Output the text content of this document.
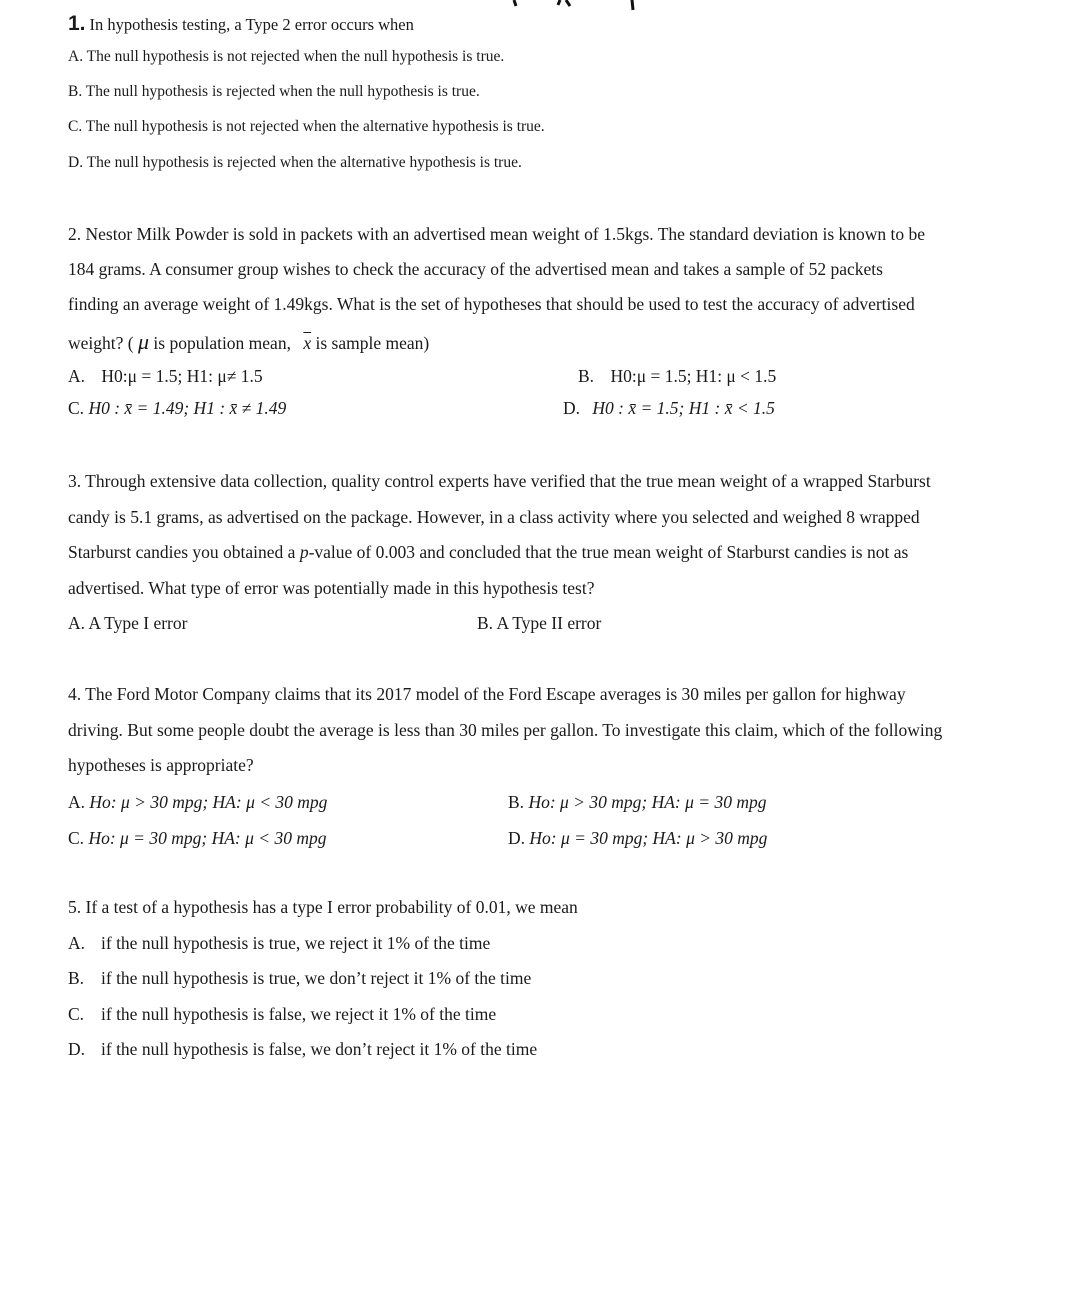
1. In hypothesis testing, a Type 2 error occurs when
A. The null hypothesis is not rejected when the null hypothesis is true.
B. The null hypothesis is rejected when the null hypothesis is true.
C. The null hypothesis is not rejected when the alternative hypothesis is true.
D. The null hypothesis is rejected when the alternative hypothesis is true.
2. Nestor Milk Powder is sold in packets with an advertised mean weight of 1.5kgs. The standard deviation is known to be
184 grams. A consumer group wishes to check the accuracy of the advertised mean and takes a sample of 52 packets
finding an average weight of 1.49kgs. What is the set of hypotheses that should be used to test the accuracy of advertised
weight? ( μ is population mean, $\overline{x}$ is sample mean)
A. H0:μ = 1.5; H1: μ≠ 1.5	B. H0:μ = 1.5; H1: μ < 1.5
C. H0 : x̄ = 1.49; H1 : x̄ ≠ 1.49	D. H0 : x̄ = 1.5; H1 : x̄ < 1.5
3. Through extensive data collection, quality control experts have verified that the true mean weight of a wrapped Starburst
candy is 5.1 grams, as advertised on the package. However, in a class activity where you selected and weighed 8 wrapped
Starburst candies you obtained a p-value of 0.003 and concluded that the true mean weight of Starburst candies is not as
advertised. What type of error was potentially made in this hypothesis test?
A. A Type I error	B. A Type II error
4. The Ford Motor Company claims that its 2017 model of the Ford Escape averages is 30 miles per gallon for highway
driving. But some people doubt the average is less than 30 miles per gallon. To investigate this claim, which of the following
hypotheses is appropriate?
A. Ho: μ > 30 mpg; HA: μ < 30 mpg	B. Ho: μ > 30 mpg; HA: μ = 30 mpg
C. Ho: μ = 30 mpg; HA: μ < 30 mpg	D. Ho: μ = 30 mpg; HA: μ > 30 mpg
5. If a test of a hypothesis has a type I error probability of 0.01, we mean
A. if the null hypothesis is true, we reject it 1% of the time
B. if the null hypothesis is true, we don’t reject it 1% of the time
C. if the null hypothesis is false, we reject it 1% of the time
D. if the null hypothesis is false, we don’t reject it 1% of the time
